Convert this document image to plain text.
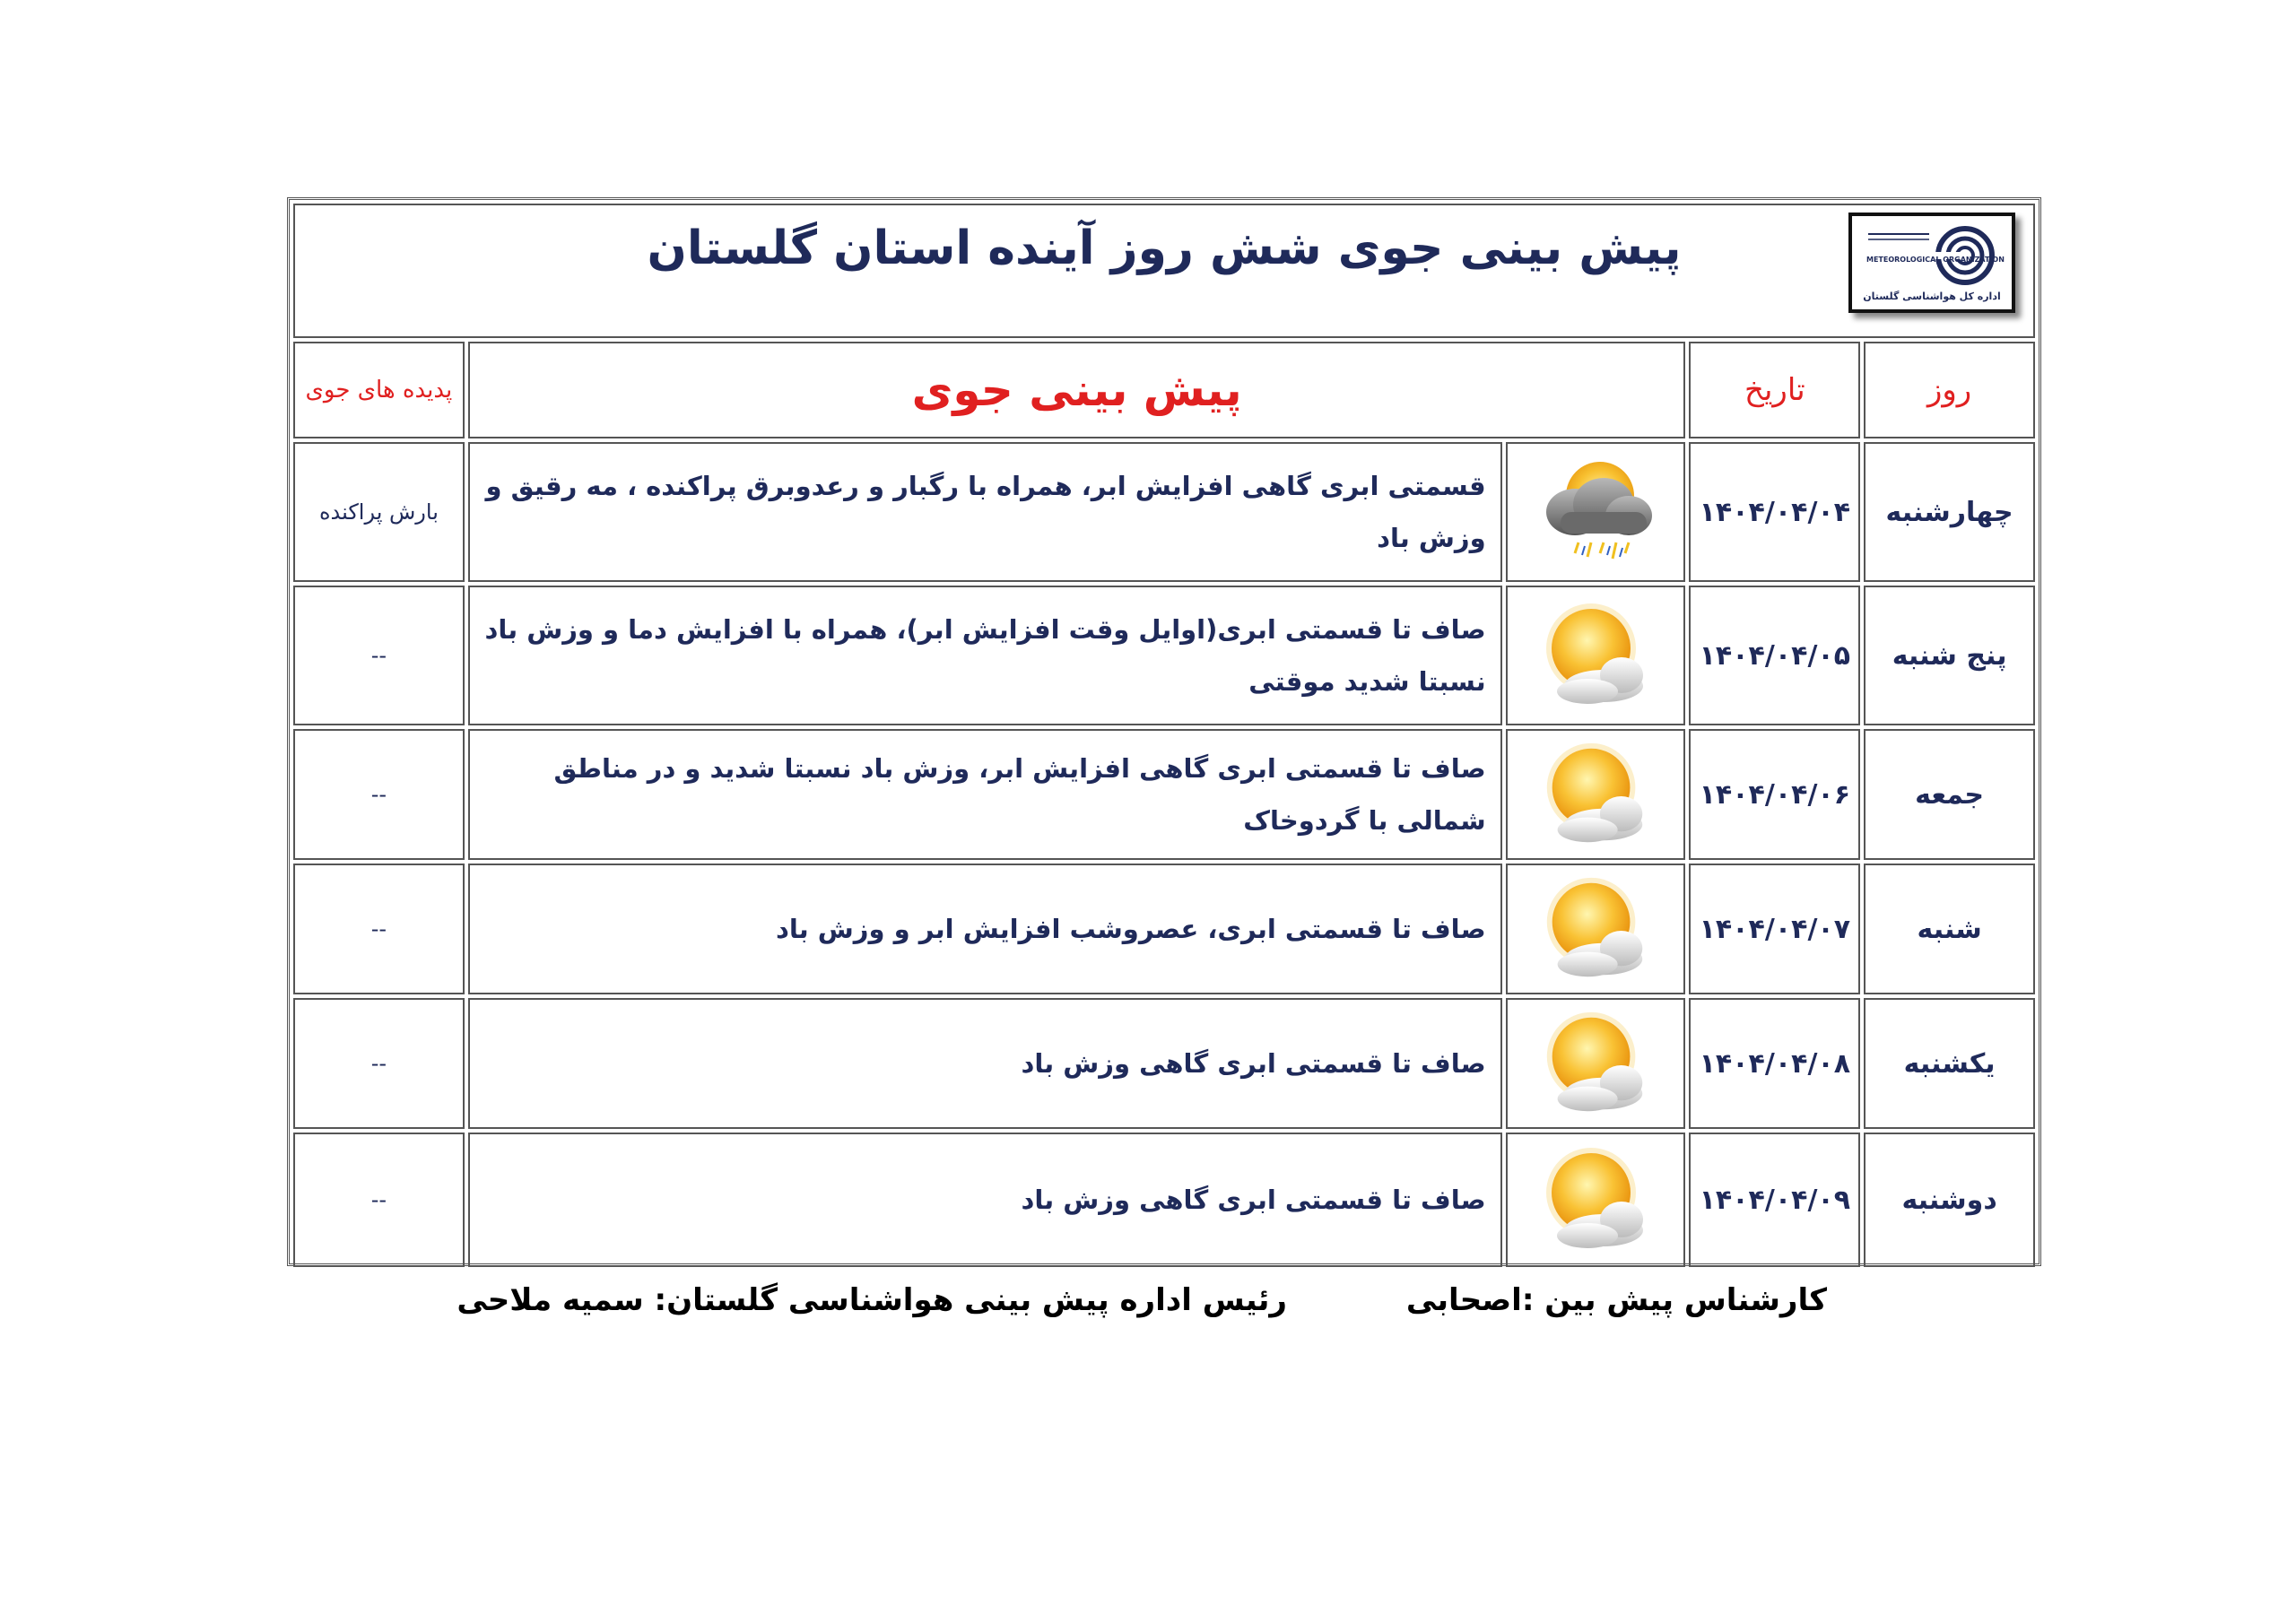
METEOROLOGICAL ORGANIZATION
اداره کل هواشناسی گلستان
پیش بینی جوی شش روز آینده استان گلستان				

روز	تاریخ	پیش بینی جوی		پدیده های جوی
چهارشنبه	۱۴۰۴/۰۴/۰۴		قسمتی ابری گاهی افزایش ابر، همراه با رگبار و رعدوبرق پراکنده ، مه رقیق و وزش باد	بارش پراکنده
پنج شنبه	۱۴۰۴/۰۴/۰۵		صاف تا قسمتی ابری(اوایل وقت افزایش ابر)، همراه با افزایش دما و وزش باد نسبتا شدید موقتی	--
جمعه	۱۴۰۴/۰۴/۰۶		صاف تا قسمتی ابری گاهی افزایش ابر، وزش باد نسبتا شدید و در مناطق شمالی با گردوخاک	--
شنبه	۱۴۰۴/۰۴/۰۷		صاف تا قسمتی ابری، عصروشب افزایش ابر و وزش باد	--
یکشنبه	۱۴۰۴/۰۴/۰۸		صاف تا قسمتی ابری گاهی وزش باد	--
دوشنبه	۱۴۰۴/۰۴/۰۹		صاف تا قسمتی ابری گاهی وزش باد	--
کارشناس پیش بین :اصحابی
رئیس اداره پیش بینی هواشناسی گلستان: سمیه ملاحی
